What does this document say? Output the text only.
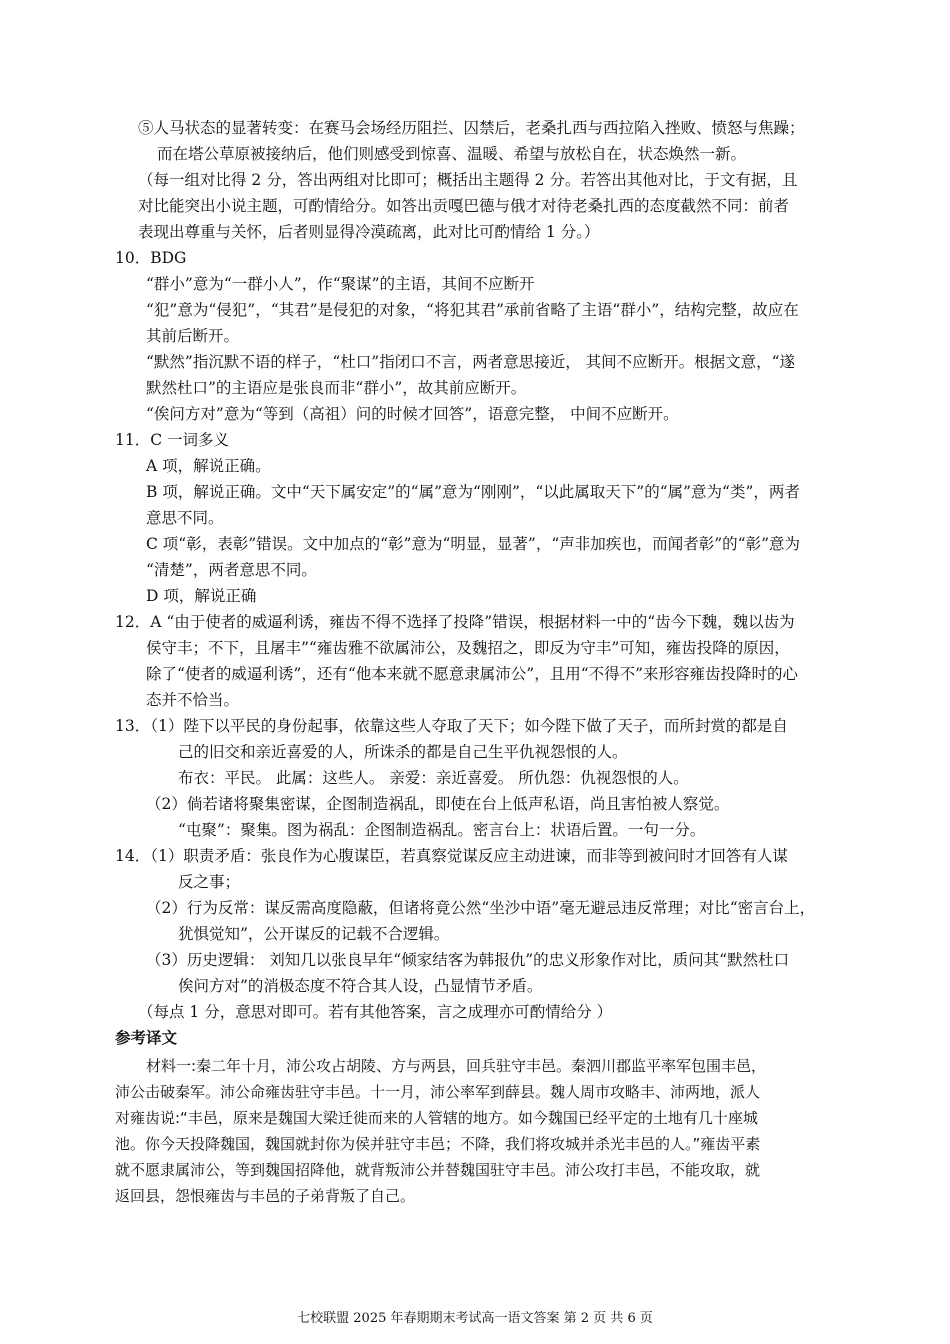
⑤人马状态的显著转变：在赛马会场经历阻拦、囚禁后，老桑扎西与西拉陷入挫败、愤怒与焦躁；
而在塔公草原被接纳后，他们则感受到惊喜、温暖、希望与放松自在，状态焕然一新。
（每一组对比得 2 分，答出两组对比即可；概括出主题得 2 分。若答出其他对比，于文有据，且
对比能突出小说主题，可酌情给分。如答出贡嘎巴德与俄才对待老桑扎西的态度截然不同：前者
表现出尊重与关怀，后者则显得冷漠疏离，此对比可酌情给 1 分。）
10．BDG
“群小”意为“一群小人”，作“聚谋”的主语，其间不应断开
“犯”意为“侵犯”，“其君”是侵犯的对象，“将犯其君”承前省略了主语“群小”，结构完整，故应在
其前后断开。
“默然”指沉默不语的样子，“杜口”指闭口不言，两者意思接近， 其间不应断开。根据文意，“遂
默然杜口”的主语应是张良而非“群小”，故其前应断开。
“俟问方对”意为“等到（高祖）问的时候才回答”，语意完整， 中间不应断开。
11．C 一词多义
A 项，解说正确。
B 项，解说正确。文中“天下属安定”的“属”意为“刚刚”，“以此属取天下”的“属”意为“类”，两者
意思不同。
C 项“彰，表彰”错误。文中加点的“彰”意为“明显，显著”，“声非加疾也，而闻者彰”的“彰”意为
“清楚”，两者意思不同。
D 项，解说正确
12．A “由于使者的威逼利诱，雍齿不得不选择了投降”错误，根据材料一中的“齿今下魏，魏以齿为
侯守丰；不下，且屠丰”“雍齿雅不欲属沛公，及魏招之，即反为守丰”可知，雍齿投降的原因，
除了“使者的威逼利诱”，还有“他本来就不愿意隶属沛公”，且用“不得不”来形容雍齿投降时的心
态并不恰当。
13．（1）陛下以平民的身份起事，依靠这些人夺取了天下；如今陛下做了天子，而所封赏的都是自
己的旧交和亲近喜爱的人，所诛杀的都是自己生平仇视怨恨的人。
布衣：平民。 此属：这些人。 亲爱：亲近喜爱。 所仇怨：仇视怨恨的人。
（2）倘若诸将聚集密谋，企图制造祸乱，即使在台上低声私语，尚且害怕被人察觉。
“屯聚”：聚集。图为祸乱：企图制造祸乱。密言台上：状语后置。一句一分。
14．（1）职责矛盾：张良作为心腹谋臣，若真察觉谋反应主动进谏，而非等到被问时才回答有人谋
反之事；
（2）行为反常：谋反需高度隐蔽，但诸将竟公然“坐沙中语”毫无避忌违反常理；对比“密言台上，
犹惧觉知”，公开谋反的记载不合逻辑。
（3）历史逻辑： 刘知几以张良早年“倾家结客为韩报仇”的忠义形象作对比，质问其“默然杜口
俟问方对”的消极态度不符合其人设，凸显情节矛盾。
（每点 1 分，意思对即可。若有其他答案，言之成理亦可酌情给分 ）
参考译文
材料一:秦二年十月，沛公攻占胡陵、方与两县，回兵驻守丰邑。秦泗川郡监平率军包围丰邑，
沛公击破秦军。沛公命雍齿驻守丰邑。十一月，沛公率军到薛县。魏人周市攻略丰、沛两地，派人
对雍齿说:“丰邑，原来是魏国大梁迁徙而来的人管辖的地方。如今魏国已经平定的土地有几十座城
池。你今天投降魏国，魏国就封你为侯并驻守丰邑；不降，我们将攻城并杀光丰邑的人。”雍齿平素
就不愿隶属沛公，等到魏国招降他，就背叛沛公并替魏国驻守丰邑。沛公攻打丰邑，不能攻取，就
返回县，怨恨雍齿与丰邑的子弟背叛了自己。
七校联盟 2025 年春期期末考试高一语文答案 第 2 页 共 6 页
